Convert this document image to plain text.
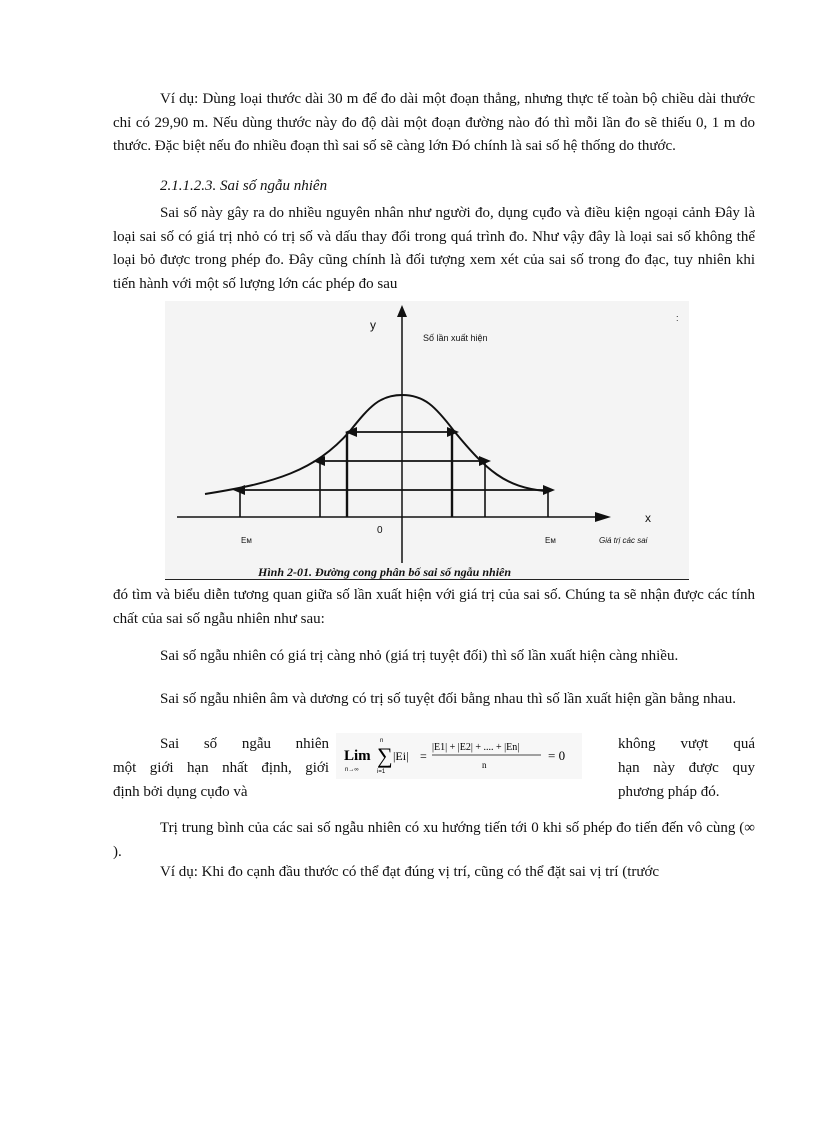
Ví dụ: Dùng loại thước dài 30 m để đo dài một đoạn thẳng, nhưng thực tế toàn bộ chiều dài thước chỉ có 29,90 m. Nếu dùng thước này đo độ dài một đoạn đường nào đó thì mỗi lần đo sẽ thiếu 0, 1 m do thước. Đặc biệt nếu đo nhiều đoạn thì sai số sẽ càng lớn Đó chính là sai số hệ thống do thước.

2.1.1.2.3. Sai số ngẫu nhiên

Sai số này gây ra do nhiều nguyên nhân như người đo, dụng cụđo và điều kiện ngoại cảnh Đây là loại sai số có giá trị nhỏ có trị số và dấu thay đổi trong quá trình đo. Như vậy đây là loại sai số không thể loại bỏ được trong phép đo. Đây cũng chính là đối tượng xem xét của sai số trong đo đạc, tuy nhiên khi tiến hành với một số lượng lớn các phép đo sau

y
Số lần xuất hiện
x
0
Eм	Eм	Giá trị các sai
Hình 2-01. Đường cong phân bố sai số ngẫu nhiên
:

đó tìm và biểu diễn tương quan giữa số lần xuất hiện với giá trị của sai số. Chúng ta sẽ nhận được các tính chất của sai số ngẫu nhiên như sau:

Sai số ngẫu nhiên có giá trị càng nhỏ (giá trị tuyệt đối) thì số lần xuất hiện càng nhiều.

Sai số ngẫu nhiên âm và dương có trị số tuyệt đối bằng nhau thì số lần xuất hiện gần bằng nhau.

Sai số ngẫu nhiên
một giới hạn nhất định, giới
định bởi dụng cụđo và
Lim
n→∞
n
∑
i=1
|Ei| =
|E1| + |E2| + .... + |En|
n
= 0
không vượt quá
hạn này được quy
phương pháp đó.

Trị trung bình của các sai số ngẫu nhiên có xu hướng tiến tới 0 khi số phép đo tiến đến vô cùng (∞ ).

Ví dụ: Khi đo cạnh đầu thước có thể đạt đúng vị trí, cũng có thể đặt sai vị trí (trước
